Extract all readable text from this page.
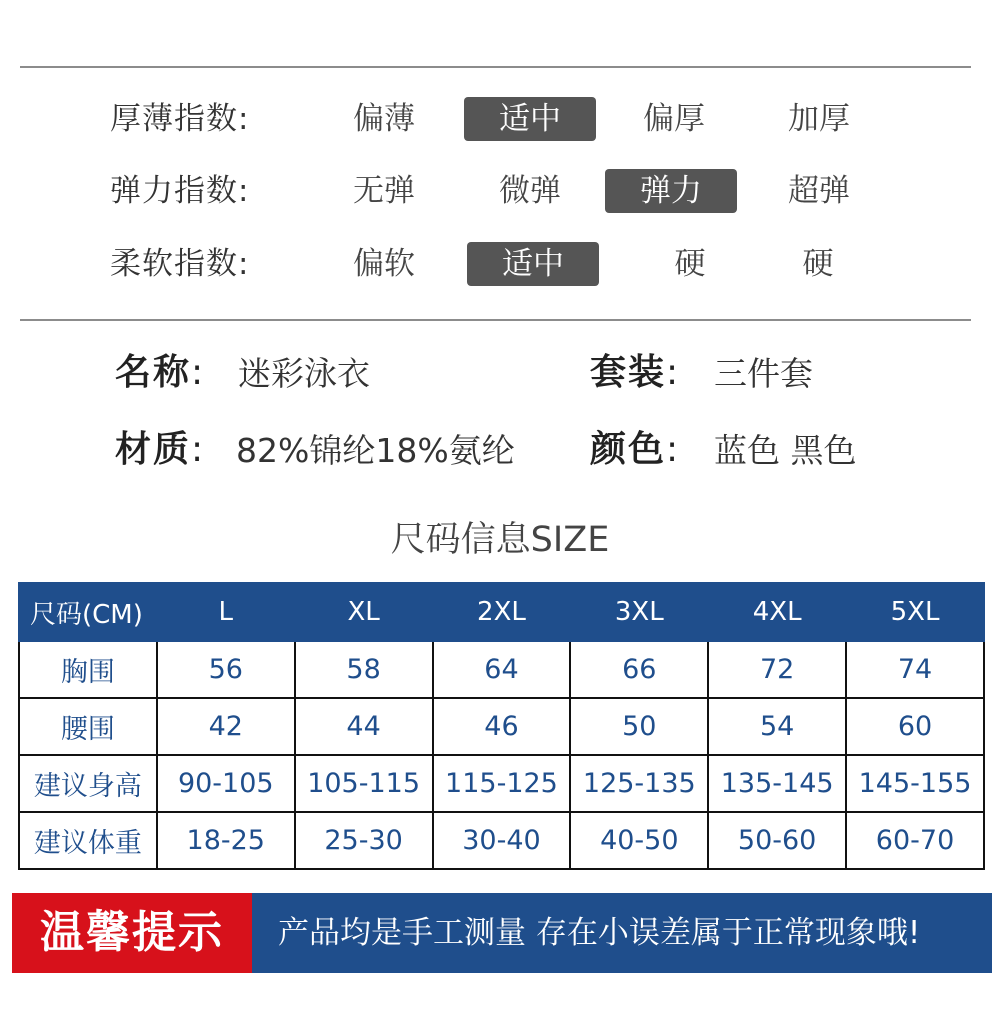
厚薄指数:	偏薄	适中	偏厚	加厚
弹力指数:	无弹	微弹	弹力	超弹
柔软指数:	偏软	适中	硬	硬
名称: 迷彩泳衣	套装: 三件套
材质: 82%锦纶18%氨纶 颜色: 蓝色 黑色
尺码信息SIZE
尺码(CM)	L	XL	2XL	3XL	4XL	5XL
胸围	56	58	64	66	72	74
腰围	42	44	46	50	54	60
建议身高	90-105	105-115	115-125	125-135	135-145	145-155
建议体重	18-25	25-30	30-40	40-50	50-60	60-70
温馨提示	产品均是手工测量 存在小误差属于正常现象哦!
